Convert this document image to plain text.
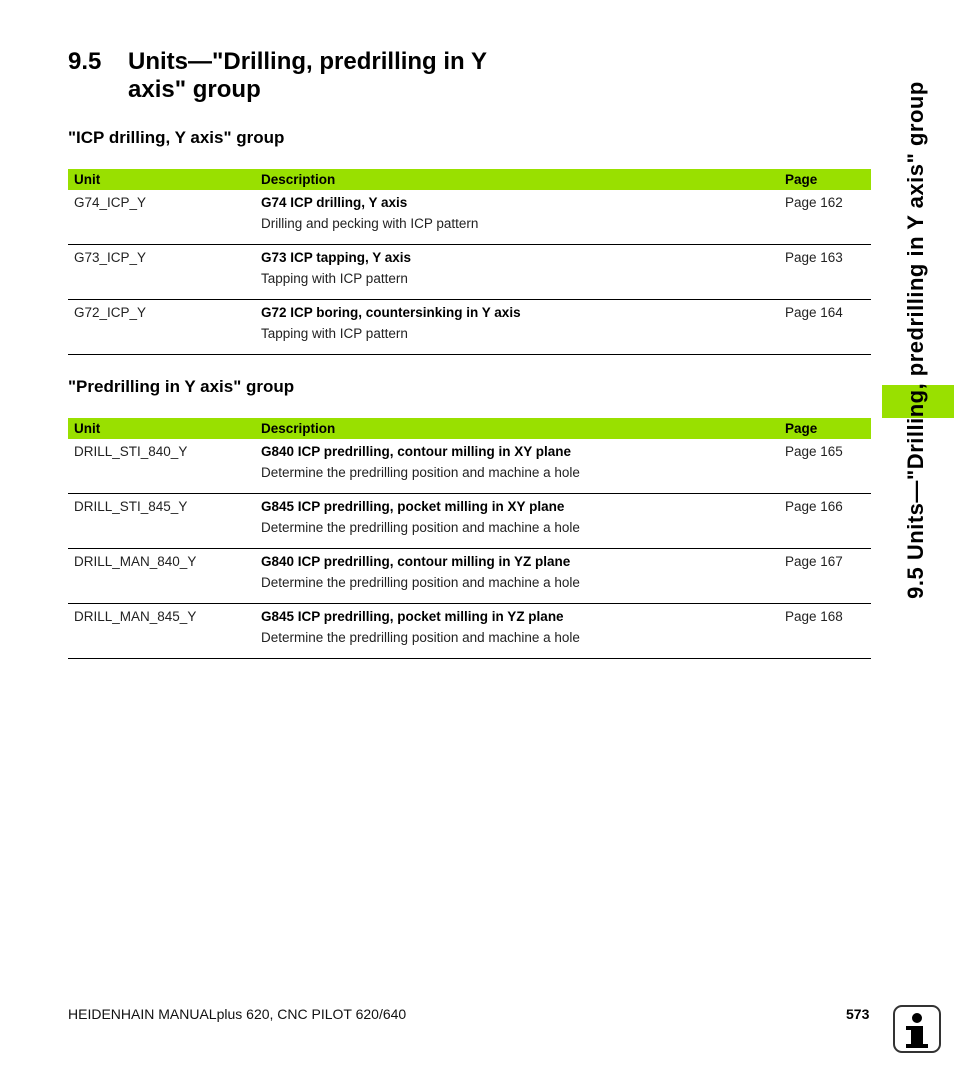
9.5	Units—"Drilling, predrilling in Y axis" group
"ICP drilling, Y axis" group
Unit	Description	Page
G74_ICP_Y	G74 ICP drilling, Y axis	Page 162
	Drilling and pecking with ICP pattern	
G73_ICP_Y	G73 ICP tapping, Y axis	Page 163
	Tapping with ICP pattern	
G72_ICP_Y	G72 ICP boring, countersinking in Y axis	Page 164
	Tapping with ICP pattern	
"Predrilling in Y axis" group
Unit	Description	Page
DRILL_STI_840_Y	G840 ICP predrilling, contour milling in XY plane	Page 165
	Determine the predrilling position and machine a hole	
DRILL_STI_845_Y	G845 ICP predrilling, pocket milling in XY plane	Page 166
	Determine the predrilling position and machine a hole	
DRILL_MAN_840_Y	G840 ICP predrilling, contour milling in YZ plane	Page 167
	Determine the predrilling position and machine a hole	
DRILL_MAN_845_Y	G845 ICP predrilling, pocket milling in YZ plane	Page 168
	Determine the predrilling position and machine a hole	
9.5 Units—"Drilling, predrilling in Y axis" group
HEIDENHAIN MANUALplus 620, CNC PILOT 620/640	573
